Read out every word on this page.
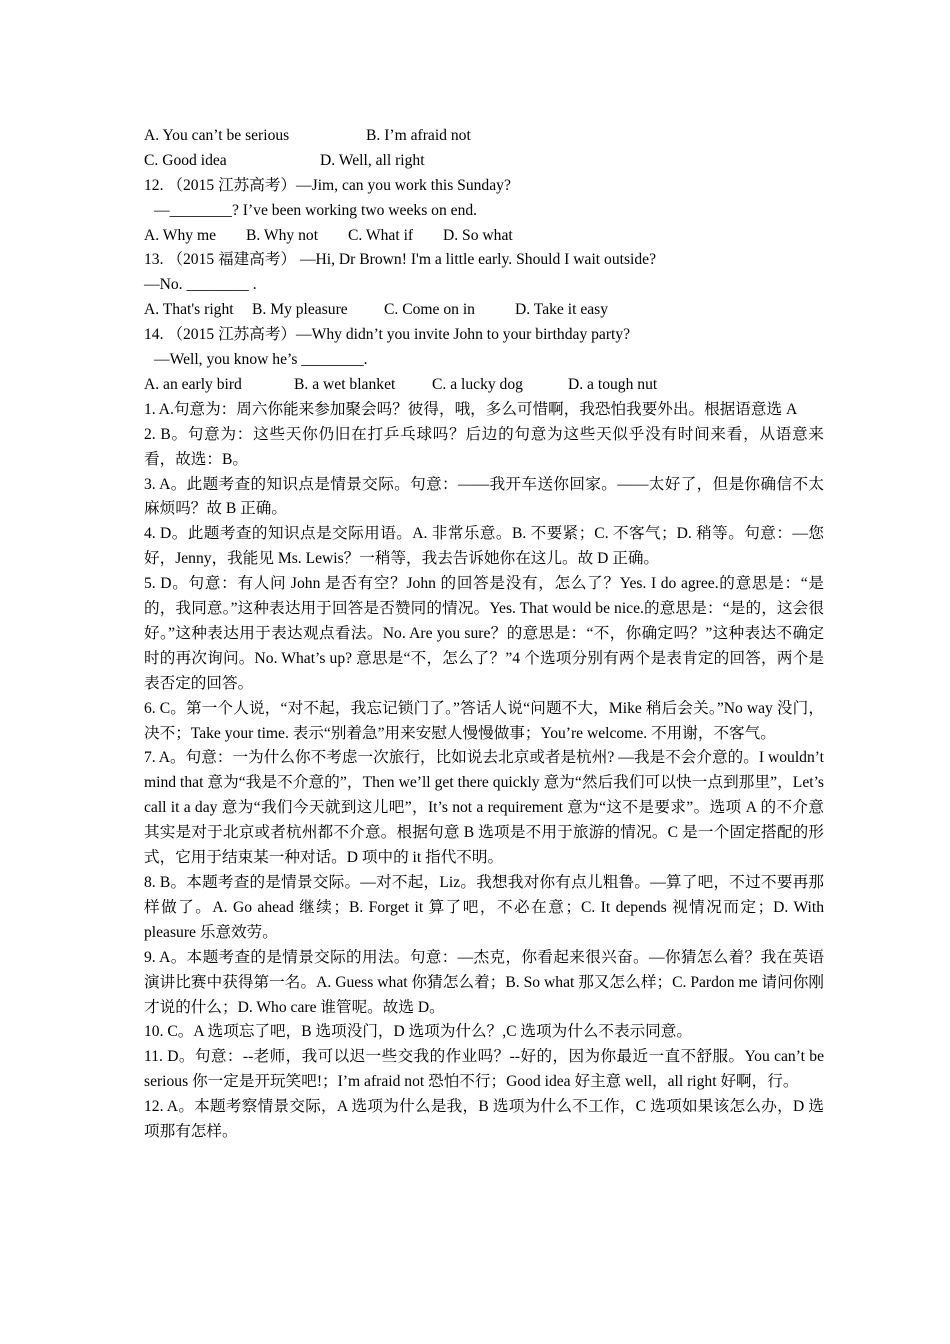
A. You can’t be serious	B. I’m afraid not
C. Good idea	D. Well, all right
12. （2015 江苏高考）—Jim, can you work this Sunday?
—________? I’ve been working two weeks on end.
A. Why me B. Why not C. What if D. So what
13. （2015 福建高考） —Hi, Dr Brown! I'm a little early. Should I wait outside?
—No. ________ .
A. That's right B. My pleasure C. Come on in	D. Take it easy
14. （2015 江苏高考）—Why didn’t you invite John to your birthday party?
—Well, you know he’s ________.
A. an early bird	B. a wet blanket C. a lucky dog	D. a tough nut
1. A.句意为：周六你能来参加聚会吗？彼得，哦，多么可惜啊，我恐怕我要外出。根据语意选 A
2. B。句意为：这些天你仍旧在打乒乓球吗？后边的句意为这些天似乎没有时间来看，从语意来看，故选：B。
3. A。此题考查的知识点是情景交际。句意：——我开车送你回家。——太好了，但是你确信不太麻烦吗？故 B 正确。
4. D。此题考查的知识点是交际用语。A. 非常乐意。B. 不要紧；C. 不客气；D. 稍等。句意：—您好，Jenny，我能见 Ms. Lewis？一稍等，我去告诉她你在这儿。故 D 正确。
5. D。句意：有人问 John 是否有空？John 的回答是没有，怎么了？Yes. I do agree.的意思是：“是的，我同意。”这种表达用于回答是否赞同的情况。Yes. That would be nice.的意思是：“是的，这会很好。”这种表达用于表达观点看法。No. Are you sure？的意思是：“不，你确定吗？”这种表达不确定时的再次询问。No. What’s up? 意思是“不，怎么了？”4 个选项分别有两个是表肯定的回答，两个是表否定的回答。
6. C。第一个人说，“对不起，我忘记锁门了。”答话人说“问题不大，Mike 稍后会关。”No way 没门，决不；Take your time. 表示“别着急”用来安慰人慢慢做事；You’re welcome. 不用谢，不客气。
7. A。句意：一为什么你不考虑一次旅行，比如说去北京或者是杭州? —我是不会介意的。I wouldn’t mind that 意为“我是不介意的”，Then we’ll get there quickly 意为“然后我们可以快一点到那里”，Let’s call it a day 意为“我们今天就到这儿吧”，It’s not a requirement 意为“这不是要求”。选项 A 的不介意其实是对于北京或者杭州都不介意。根据句意 B 选项是不用于旅游的情况。C 是一个固定搭配的形式，它用于结束某一种对话。D 项中的 it 指代不明。
8. B。本题考查的是情景交际。—对不起，Liz。我想我对你有点儿粗鲁。—算了吧，不过不要再那样做了。A. Go ahead 继续；B. Forget it 算了吧，不必在意；C. It depends 视情况而定；D. With pleasure 乐意效劳。
9. A。本题考查的是情景交际的用法。句意：—杰克，你看起来很兴奋。—你猜怎么着？我在英语演讲比赛中获得第一名。A. Guess what 你猜怎么着；B. So what 那又怎么样；C. Pardon me 请问你刚才说的什么；D. Who care 谁管呢。故选 D。
10. C。A 选项忘了吧，B 选项没门，D 选项为什么？,C 选项为什么不表示同意。
11. D。句意：--老师，我可以迟一些交我的作业吗？--好的，因为你最近一直不舒服。You can’t be serious 你一定是开玩笑吧!；I’m afraid not 恐怕不行；Good idea 好主意 well，all right 好啊，行。
12. A。本题考察情景交际，A 选项为什么是我，B 选项为什么不工作，C 选项如果该怎么办，D 选项那有怎样。
